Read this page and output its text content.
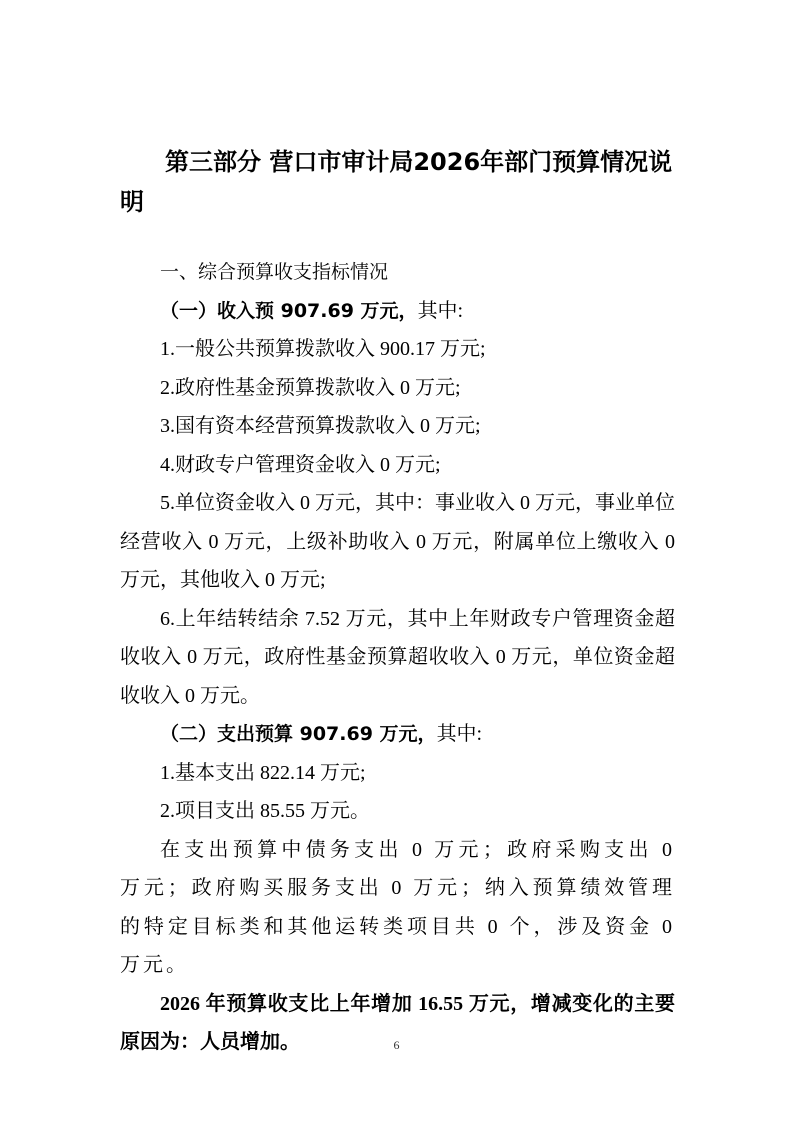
第三部分 营口市审计局2026年部门预算情况说明

一、综合预算收支指标情况

（一）收入预 907.69 万元，其中:

1.一般公共预算拨款收入 900.17 万元;

2.政府性基金预算拨款收入 0 万元;

3.国有资本经营预算拨款收入 0 万元;

4.财政专户管理资金收入 0 万元;

5.单位资金收入 0 万元，其中：事业收入 0 万元，事业单位经营收入 0 万元，上级补助收入 0 万元，附属单位上缴收入 0 万元，其他收入 0 万元;

6.上年结转结余 7.52 万元，其中上年财政专户管理资金超收收入 0 万元，政府性基金预算超收收入 0 万元，单位资金超收收入 0 万元。

（二）支出预算 907.69 万元，其中:

1.基本支出 822.14 万元;

2.项目支出 85.55 万元。

在支出预算中债务支出 0 万元；政府采购支出 0 万元；政府购买服务支出 0 万元；纳入预算绩效管理的特定目标类和其他运转类项目共 0 个，涉及资金 0 万元。

2026 年预算收支比上年增加 16.55 万元，增减变化的主要原因为：人员增加。	6
